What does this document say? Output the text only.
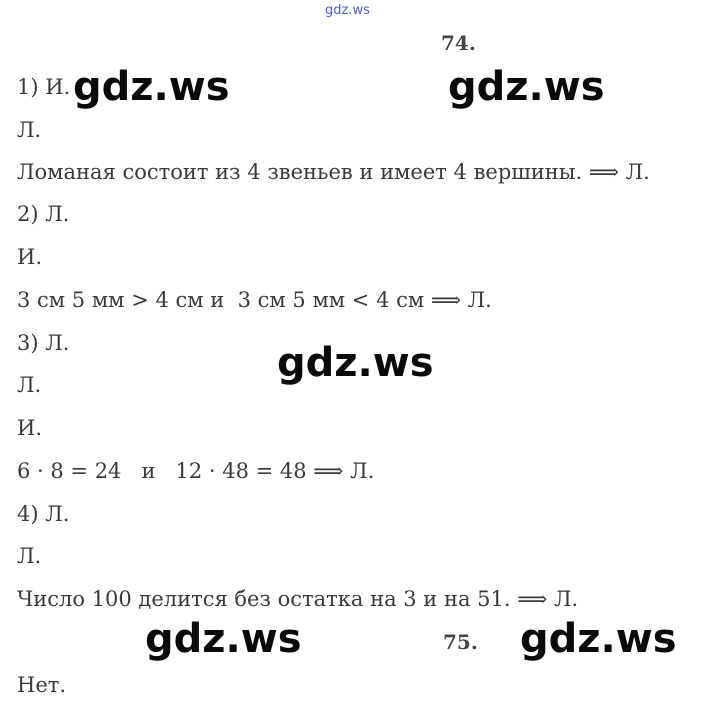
gdz.ws
74.
1) И.
Л.
Ломаная состоит из 4 звеньев и имеет 4 вершины. ⟹ Л.
2) Л.
И.
3 см 5 мм > 4 см и  3 см 5 мм < 4 см ⟹ Л.
3) Л.
Л.
И.
6 · 8 = 24   и   12 · 48 = 48 ⟹ Л.
4) Л.
Л.
Число 100 делится без остатка на 3 и на 51. ⟹ Л.
75.
Нет.
gdz.ws	gdz.ws
gdz.ws
gdz.ws	gdz.ws
